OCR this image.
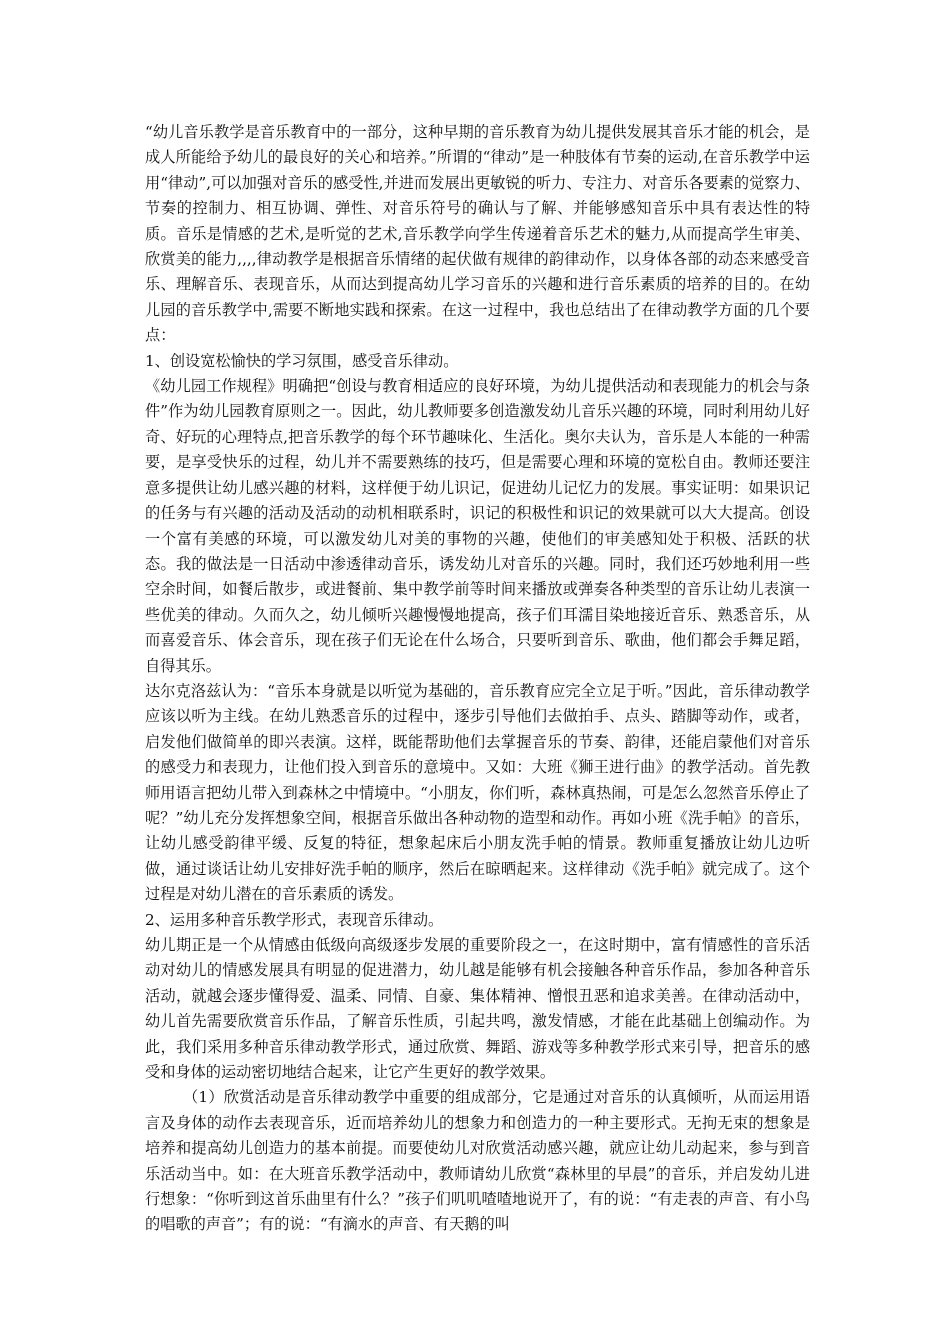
“幼儿音乐教学是音乐教育中的一部分，这种早期的音乐教育为幼儿提供发展其音乐才能的机会，是成人所能给予幼儿的最良好的关心和培养。”所谓的“律动”是一种肢体有节奏的运动,在音乐教学中运用“律动”,可以加强对音乐的感受性,并进而发展出更敏锐的听力、专注力、对音乐各要素的觉察力、节奏的控制力、相互协调、弹性、对音乐符号的确认与了解、并能够感知音乐中具有表达性的特质。音乐是情感的艺术,是听觉的艺术,音乐教学向学生传递着音乐艺术的魅力,从而提高学生审美、欣赏美的能力,,,,律动教学是根据音乐情绪的起伏做有规律的韵律动作，以身体各部的动态来感受音乐、理解音乐、表现音乐，从而达到提高幼儿学习音乐的兴趣和进行音乐素质的培养的目的。在幼儿园的音乐教学中,需要不断地实践和探索。在这一过程中，我也总结出了在律动教学方面的几个要点：

1、创设宽松愉快的学习氛围，感受音乐律动。

《幼儿园工作规程》明确把“创设与教育相适应的良好环境，为幼儿提供活动和表现能力的机会与条件”作为幼儿园教育原则之一。因此，幼儿教师要多创造激发幼儿音乐兴趣的环境，同时利用幼儿好奇、好玩的心理特点,把音乐教学的每个环节趣味化、生活化。奥尔夫认为，音乐是人本能的一种需要，是享受快乐的过程，幼儿并不需要熟练的技巧，但是需要心理和环境的宽松自由。教师还要注意多提供让幼儿感兴趣的材料，这样便于幼儿识记，促进幼儿记忆力的发展。事实证明：如果识记的任务与有兴趣的活动及活动的动机相联系时，识记的积极性和识记的效果就可以大大提高。创设一个富有美感的环境，可以激发幼儿对美的事物的兴趣，使他们的审美感知处于积极、活跃的状态。我的做法是一日活动中渗透律动音乐，诱发幼儿对音乐的兴趣。同时，我们还巧妙地利用一些空余时间，如餐后散步，或进餐前、集中教学前等时间来播放或弹奏各种类型的音乐让幼儿表演一些优美的律动。久而久之，幼儿倾听兴趣慢慢地提高，孩子们耳濡目染地接近音乐、熟悉音乐，从而喜爱音乐、体会音乐，现在孩子们无论在什么场合，只要听到音乐、歌曲，他们都会手舞足蹈，自得其乐。

达尔克洛兹认为：“音乐本身就是以听觉为基础的，音乐教育应完全立足于听。”因此，音乐律动教学应该以听为主线。在幼儿熟悉音乐的过程中，逐步引导他们去做拍手、点头、踏脚等动作，或者，启发他们做简单的即兴表演。这样，既能帮助他们去掌握音乐的节奏、韵律，还能启蒙他们对音乐的感受力和表现力，让他们投入到音乐的意境中。又如：大班《狮王进行曲》的教学活动。首先教师用语言把幼儿带入到森林之中情境中。“小朋友，你们听，森林真热闹，可是怎么忽然音乐停止了呢？”幼儿充分发挥想象空间，根据音乐做出各种动物的造型和动作。再如小班《洗手帕》的音乐，让幼儿感受韵律平缓、反复的特征，想象起床后小朋友洗手帕的情景。教师重复播放让幼儿边听做，通过谈话让幼儿安排好洗手帕的顺序，然后在晾晒起来。这样律动《洗手帕》就完成了。这个过程是对幼儿潜在的音乐素质的诱发。

2、运用多种音乐教学形式，表现音乐律动。

幼儿期正是一个从情感由低级向高级逐步发展的重要阶段之一，在这时期中，富有情感性的音乐活动对幼儿的情感发展具有明显的促进潜力，幼儿越是能够有机会接触各种音乐作品，参加各种音乐活动，就越会逐步懂得爱、温柔、同情、自豪、集体精神、憎恨丑恶和追求美善。在律动活动中，幼儿首先需要欣赏音乐作品，了解音乐性质，引起共鸣，激发情感，才能在此基础上创编动作。为此，我们采用多种音乐律动教学形式，通过欣赏、舞蹈、游戏等多种教学形式来引导，把音乐的感受和身体的运动密切地结合起来，让它产生更好的教学效果。

（1）欣赏活动是音乐律动教学中重要的组成部分，它是通过对音乐的认真倾听，从而运用语言及身体的动作去表现音乐，近而培养幼儿的想象力和创造力的一种主要形式。无拘无束的想象是培养和提高幼儿创造力的基本前提。而要使幼儿对欣赏活动感兴趣，就应让幼儿动起来，参与到音乐活动当中。如：在大班音乐教学活动中，教师请幼儿欣赏“森林里的早晨”的音乐，并启发幼儿进行想象：“你听到这首乐曲里有什么？”孩子们叽叽喳喳地说开了，有的说：“有走表的声音、有小鸟的唱歌的声音”；有的说：“有滴水的声音、有天鹅的叫
